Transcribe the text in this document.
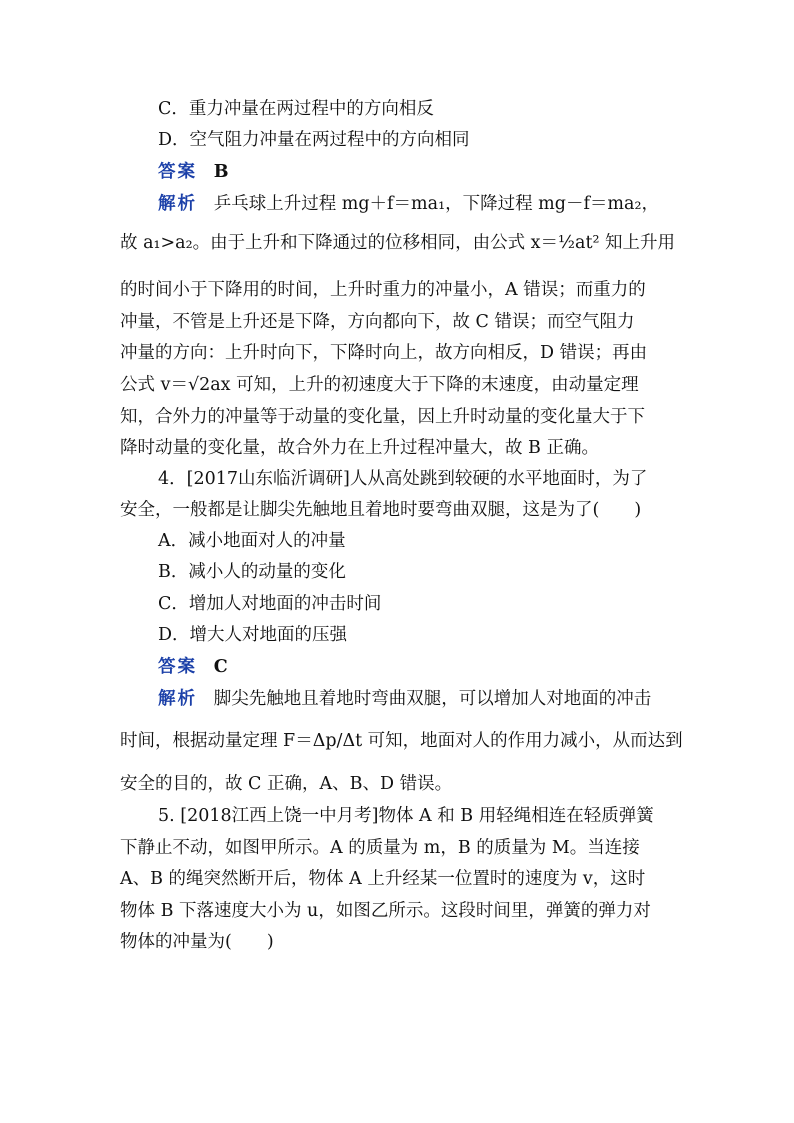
C．重力冲量在两过程中的方向相反
D．空气阻力冲量在两过程中的方向相同
答案 B
解析 乒乓球上升过程 mg＋f＝ma₁，下降过程 mg－f＝ma₂，
故 a₁>a₂。由于上升和下降通过的位移相同，由公式 x＝½at² 知上升用
的时间小于下降用的时间，上升时重力的冲量小，A 错误；而重力的
冲量，不管是上升还是下降，方向都向下，故 C 错误；而空气阻力
冲量的方向：上升时向下，下降时向上，故方向相反，D 错误；再由
公式 v＝√2ax 可知，上升的初速度大于下降的末速度，由动量定理
知，合外力的冲量等于动量的变化量，因上升时动量的变化量大于下
降时动量的变化量，故合外力在上升过程冲量大，故 B 正确。
4．[2017山东临沂调研]人从高处跳到较硬的水平地面时，为了
安全，一般都是让脚尖先触地且着地时要弯曲双腿，这是为了(　　)
A．减小地面对人的冲量
B．减小人的动量的变化
C．增加人对地面的冲击时间
D．增大人对地面的压强
答案 C
解析 脚尖先触地且着地时弯曲双腿，可以增加人对地面的冲击
时间，根据动量定理 F＝Δp/Δt 可知，地面对人的作用力减小，从而达到
安全的目的，故 C 正确，A、B、D 错误。
5. [2018江西上饶一中月考]物体 A 和 B 用轻绳相连在轻质弹簧
下静止不动，如图甲所示。A 的质量为 m，B 的质量为 M。当连接
A、B 的绳突然断开后，物体 A 上升经某一位置时的速度为 v，这时
物体 B 下落速度大小为 u，如图乙所示。这段时间里，弹簧的弹力对
物体的冲量为(　　)
